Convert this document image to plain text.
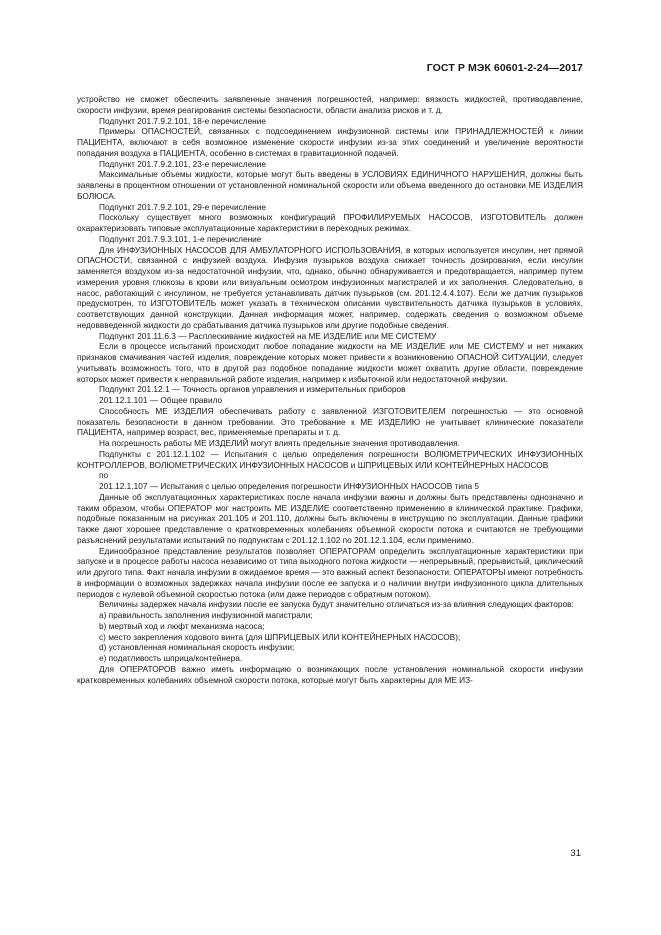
ГОСТ Р МЭК 60601-2-24—2017

устройство не сможет обеспечить заявленные значения погрешностей, например: вязкость жидкостей, противодавление, скорости инфузии, время реагирования системы безопасности, области анализа рисков и т. д.

Подпункт 201.7.9.2.101, 18-е перечисление

Примеры ОПАСНОСТЕЙ, связанных с подсоединением инфузионной системы или ПРИНАДЛЕЖНОСТЕЙ к линии ПАЦИЕНТА, включают в себя возможное изменение скорости инфузии из-за этих соединений и увеличение вероятности попадания воздуха в ПАЦИЕНТА, особенно в системах в гравитационной подачей.

Подпункт 201.7.9.2.101, 23-е перечисление

Максимальные объемы жидкости, которые могут быть введены в УСЛОВИЯХ ЕДИНИЧНОГО НАРУШЕНИЯ, должны быть заявлены в процентном отношении от установленной номинальной скорости или объема введенного до остановки МЕ ИЗДЕЛИЯ БОЛЮСА.

Подпункт 201.7.9.2.101, 29-е перечисление

Поскольку существует много возможных конфигураций ПРОФИЛИРУЕМЫХ НАСОСОВ, ИЗГОТОВИТЕЛЬ должен охарактеризовать типовые эксплуатационные характеристики в переходных режимах.

Подпункт 201.7.9.3.101, 1-е перечисление

Для ИНФУЗИОННЫХ НАСОСОВ ДЛЯ АМБУЛАТОРНОГО ИСПОЛЬЗОВАНИЯ, в которых используется инсулин, нет прямой ОПАСНОСТИ, связанной с инфузией воздуха. Инфузия пузырьков воздуха снижает точность дозирования, если инсулин заменяется воздухом из-за недостаточной инфузии, что, однако, обычно обнаруживается и предотвращается, например путем измерения уровня глюкозы в крови или визуальным осмотром инфузионных магистралей и их заполнения. Следовательно, в насос, работающий с инсулином, не требуется устанавливать датчик пузырьков (см. 201.12.4.4.107). Если же датчик пузырьков предусмотрен, то ИЗГОТОВИТЕЛЬ может указать в техническом описании чувствительность датчика пузырьков в условиях, соответствующих данной конструкции. Данная информация может, например, содержать сведения о возможном объеме недоввведенной жидкости до срабатывания датчика пузырьков или другие подобные сведения.

Подпункт 201.11.6.3 — Расплескивание жидкостей на МЕ ИЗДЕЛИЕ или МЕ СИСТЕМУ

Если в процессе испытаний происходит любое попадание жидкости на МЕ ИЗДЕЛИЕ или МЕ СИСТЕМУ и нет никаких признаков смачивания частей изделия, повреждение которых может привести к возникновению ОПАСНОЙ СИТУАЦИИ, следует учитывать возможность того, что в другой раз подобное попадание жидкости может охватить другие области, повреждение которых может привести к неправильной работе изделия, например к избыточной или недостаточной инфузии.

Подпункт 201.12.1 — Точность органов управления и измерительных приборов

201.12.1.101 — Общее правило

Способность МЕ ИЗДЕЛИЯ обеспечивать работу с заявленной ИЗГОТОВИТЕЛЕМ погрешностью — это основной показатель безопасности в данном требовании. Это требование к МЕ ИЗДЕЛИЮ не учитывает клинические показатели ПАЦИЕНТА, например возраст, вес, применяемые препараты и т. д.

На погрешность работы МЕ ИЗДЕЛИЙ могут влиять предельные значения противодавления.

Подпункты с 201.12.1.102 — Испытания с целью определения погрешности ВОЛЮМЕТРИЧЕСКИХ ИНФУЗИОННЫХ КОНТРОЛЛЕРОВ, ВОЛЮМЕТРИЧЕСКИХ ИНФУЗИОННЫХ НАСОСОВ и ШПРИЦЕВЫХ ИЛИ КОНТЕЙНЕРНЫХ НАСОСОВ

по

201.12.1.107 — Испытания с целью определения погрешности ИНФУЗИОННЫХ НАСОСОВ типа 5

Данные об эксплуатационных характеристиках после начала инфузии важны и должны быть представлены однозначно и таким образом, чтобы ОПЕРАТОР мог настроить МЕ ИЗДЕЛИЕ соответственно применению в клинической практике. Графики, подобные показанным на рисунках 201.105 и 201.110, должны быть включены в инструкцию по эксплуатации. Данные графики также дают хорошее представление о кратковременных колебаниях объемной скорости потока и считаются не требующими разъяснений результатами испытаний по подпунктам с 201.12.1.102 по 201.12.1.104, если применимо.

Единообразное представление результатов позволяет ОПЕРАТОРАМ определить эксплуатационные характеристики при запуске и в процессе работы насоса независимо от типа выходного потока жидкости — непрерывный, прерывистый, циклический или другого типа. Факт начала инфузии в ожидаемое время — это важный аспект безопасности. ОПЕРАТОРЫ имеют потребность в информации о возможных задержках начала инфузии после ее запуска и о наличии внутри инфузионного цикла длительных периодов с нулевой объемной скоростью потока (или даже периодов с обратным потоком).

Величины задержек начала инфузии после ее запуска будут значительно отличаться из-за влияния следующих факторов:

а) правильность заполнения инфузионной магистрали;

b) мертвый ход и люфт механизма насоса;

с) место закрепления ходового винта (для ШПРИЦЕВЫХ ИЛИ КОНТЕЙНЕРНЫХ НАСОСОВ);

d) установленная номинальная скорость инфузии;

е) податливость шприца/контейнера.

Для ОПЕРАТОРОВ важно иметь информацию о возникающих после установления номинальной скорости инфузии кратковременных колебаниях объемной скорости потока, которые могут быть характерны для МЕ ИЗ-

31
